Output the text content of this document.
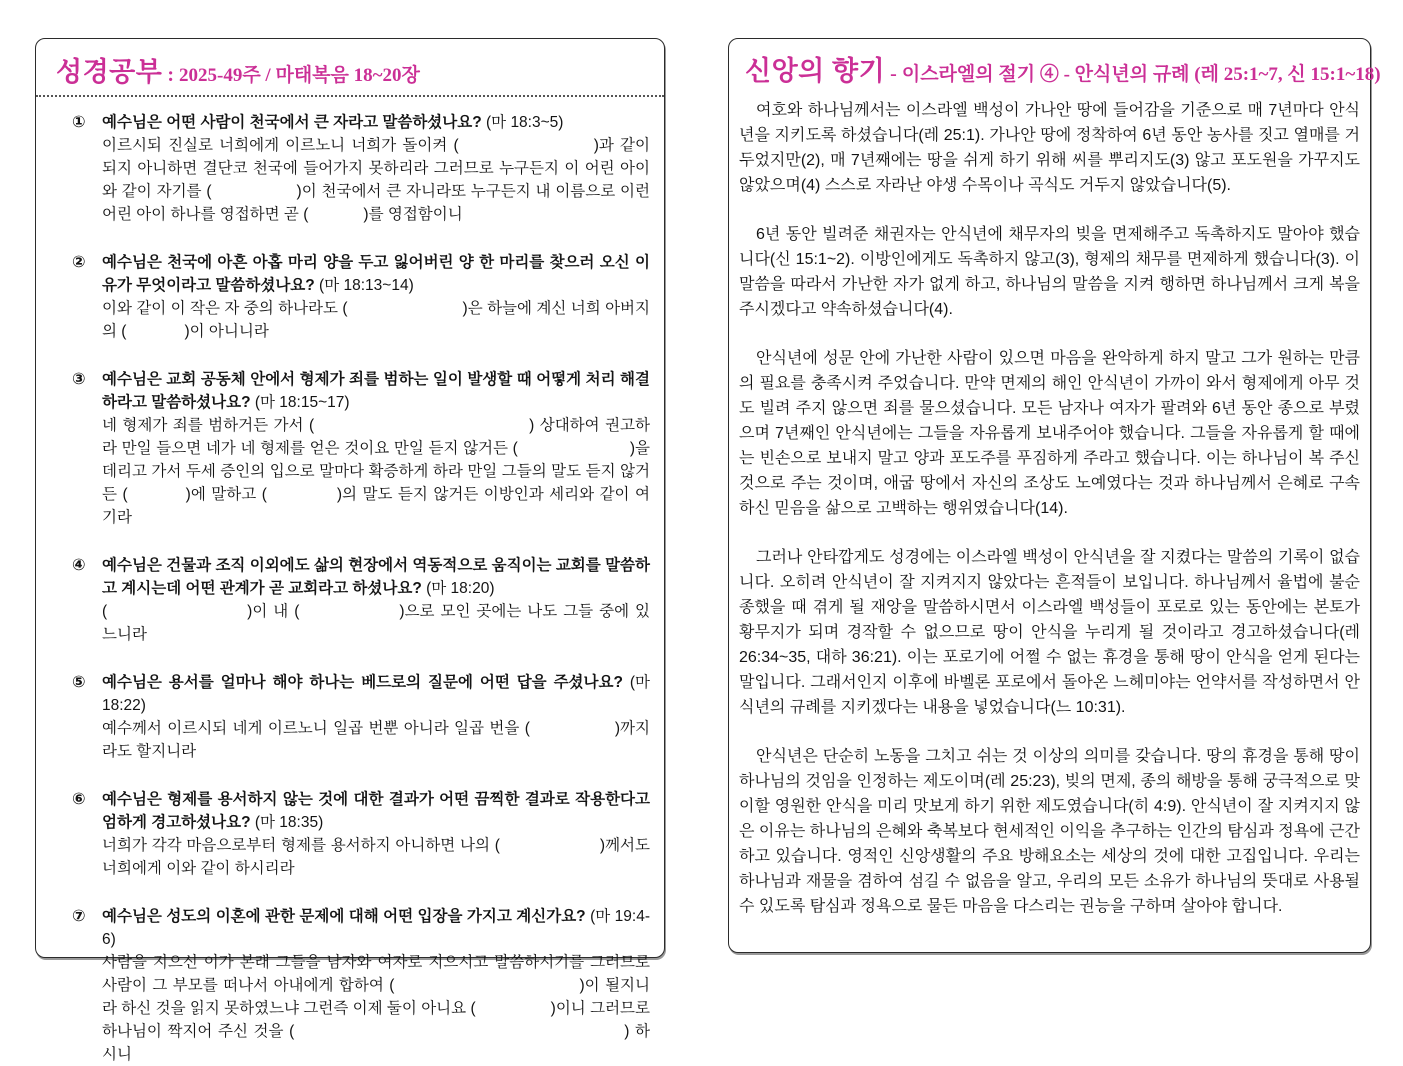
성경공부 : 2025-49주 / 마태복음 18~20장
① 예수님은 어떤 사람이 천국에서 큰 자라고 말씀하셨나요? (마 18:3~5)
이르시되 진실로 너희에게 이르노니 너희가 돌이켜 (	)과 같이 되지 아니하면 결단코 천국에 들어가지 못하리라 그러므로 누구든지 이 어린 아이와 같이 자기를 (	)이 천국에서 큰 자니라또 누구든지 내 이름으로 이런 어린 아이 하나를 영접하면 곧 (	)를 영접함이니
② 예수님은 천국에 아흔 아홉 마리 양을 두고 잃어버린 양 한 마리를 찾으러 오신 이유가 무엇이라고 말씀하셨나요? (마 18:13~14)
이와 같이 이 작은 자 중의 하나라도 (	)은 하늘에 계신 너희 아버지의 (	)이 아니니라
③ 예수님은 교회 공동체 안에서 형제가 죄를 범하는 일이 발생할 때 어떻게 처리 해결하라고 말씀하셨나요? (마 18:15~17)
네 형제가 죄를 범하거든 가서 (	) 상대하여 권고하라 만일 들으면 네가 네 형제를 얻은 것이요 만일 듣지 않거든 (	)을 데리고 가서 두세 증인의 입으로 말마다 확증하게 하라 만일 그들의 말도 듣지 않거든 (	)에 말하고 (	)의 말도 듣지 않거든 이방인과 세리와 같이 여기라
④ 예수님은 건물과 조직 이외에도 삶의 현장에서 역동적으로 움직이는 교회를 말씀하고 계시는데 어떤 관계가 곧 교회라고 하셨나요? (마 18:20)
(	)이 내 (	)으로 모인 곳에는 나도 그들 중에 있느니라
⑤ 예수님은 용서를 얼마나 해야 하나는 베드로의 질문에 어떤 답을 주셨나요? (마 18:22)
예수께서 이르시되 네게 이르노니 일곱 번뿐 아니라 일곱 번을 (	)까지라도 할지니라
⑥ 예수님은 형제를 용서하지 않는 것에 대한 결과가 어떤 끔찍한 결과로 작용한다고 엄하게 경고하셨나요? (마 18:35)
너희가 각각 마음으로부터 형제를 용서하지 아니하면 나의 (	)께서도 너희에게 이와 같이 하시리라
⑦ 예수님은 성도의 이혼에 관한 문제에 대해 어떤 입장을 가지고 계신가요? (마 19:4-6)
사람을 지으신 이가 본래 그들을 남자와 여자로 지으시고 말씀하시기를 그러므로 사람이 그 부모를 떠나서 아내에게 합하여 (	)이 될지니라 하신 것을 읽지 못하였느냐 그런즉 이제 둘이 아니요 (	)이니 그러므로 하나님이 짝지어 주신 것을 (	) 하시니
신앙의 향기 - 이스라엘의 절기 ④ - 안식년의 규례 (레 25:1~7, 신 15:1~18)

여호와 하나님께서는 이스라엘 백성이 가나안 땅에 들어감을 기준으로 매 7년마다 안식년을 지키도록 하셨습니다(레 25:1). 가나안 땅에 정착하여 6년 동안 농사를 짓고 열매를 거두었지만(2), 매 7년째에는 땅을 쉬게 하기 위해 씨를 뿌리지도(3) 않고 포도원을 가꾸지도 않았으며(4) 스스로 자라난 야생 수목이나 곡식도 거두지 않았습니다(5).

6년 동안 빌려준 채권자는 안식년에 채무자의 빚을 면제해주고 독촉하지도 말아야 했습니다(신 15:1~2). 이방인에게도 독촉하지 않고(3), 형제의 채무를 면제하게 했습니다(3). 이 말씀을 따라서 가난한 자가 없게 하고, 하나님의 말씀을 지켜 행하면 하나님께서 크게 복을 주시겠다고 약속하셨습니다(4).

안식년에 성문 안에 가난한 사람이 있으면 마음을 완악하게 하지 말고 그가 원하는 만큼의 필요를 충족시켜 주었습니다. 만약 면제의 해인 안식년이 가까이 와서 형제에게 아무 것도 빌려 주지 않으면 죄를 물으셨습니다. 모든 남자나 여자가 팔려와 6년 동안 종으로 부렸으며 7년째인 안식년에는 그들을 자유롭게 보내주어야 했습니다. 그들을 자유롭게 할 때에는 빈손으로 보내지 말고 양과 포도주를 푸짐하게 주라고 했습니다. 이는 하나님이 복 주신 것으로 주는 것이며, 애굽 땅에서 자신의 조상도 노예였다는 것과 하나님께서 은혜로 구속하신 믿음을 삶으로 고백하는 행위였습니다(14).

그러나 안타깝게도 성경에는 이스라엘 백성이 안식년을 잘 지켰다는 말씀의 기록이 없습니다. 오히려 안식년이 잘 지켜지지 않았다는 흔적들이 보입니다. 하나님께서 율법에 불순종했을 때 겪게 될 재앙을 말씀하시면서 이스라엘 백성들이 포로로 있는 동안에는 본토가 황무지가 되며 경작할 수 없으므로 땅이 안식을 누리게 될 것이라고 경고하셨습니다(레 26:34~35, 대하 36:21). 이는 포로기에 어쩔 수 없는 휴경을 통해 땅이 안식을 얻게 된다는 말입니다. 그래서인지 이후에 바벨론 포로에서 돌아온 느헤미야는 언약서를 작성하면서 안식년의 규례를 지키겠다는 내용을 넣었습니다(느 10:31).

안식년은 단순히 노동을 그치고 쉬는 것 이상의 의미를 갖습니다. 땅의 휴경을 통해 땅이 하나님의 것임을 인정하는 제도이며(레 25:23), 빚의 면제, 종의 해방을 통해 궁극적으로 맞이할 영원한 안식을 미리 맛보게 하기 위한 제도였습니다(히 4:9). 안식년이 잘 지켜지지 않은 이유는 하나님의 은혜와 축복보다 현세적인 이익을 추구하는 인간의 탐심과 정욕에 근간하고 있습니다. 영적인 신앙생활의 주요 방해요소는 세상의 것에 대한 고집입니다. 우리는 하나님과 재물을 겸하여 섬길 수 없음을 알고, 우리의 모든 소유가 하나님의 뜻대로 사용될 수 있도록 탐심과 정욕으로 물든 마음을 다스리는 권능을 구하며 살아야 합니다.
